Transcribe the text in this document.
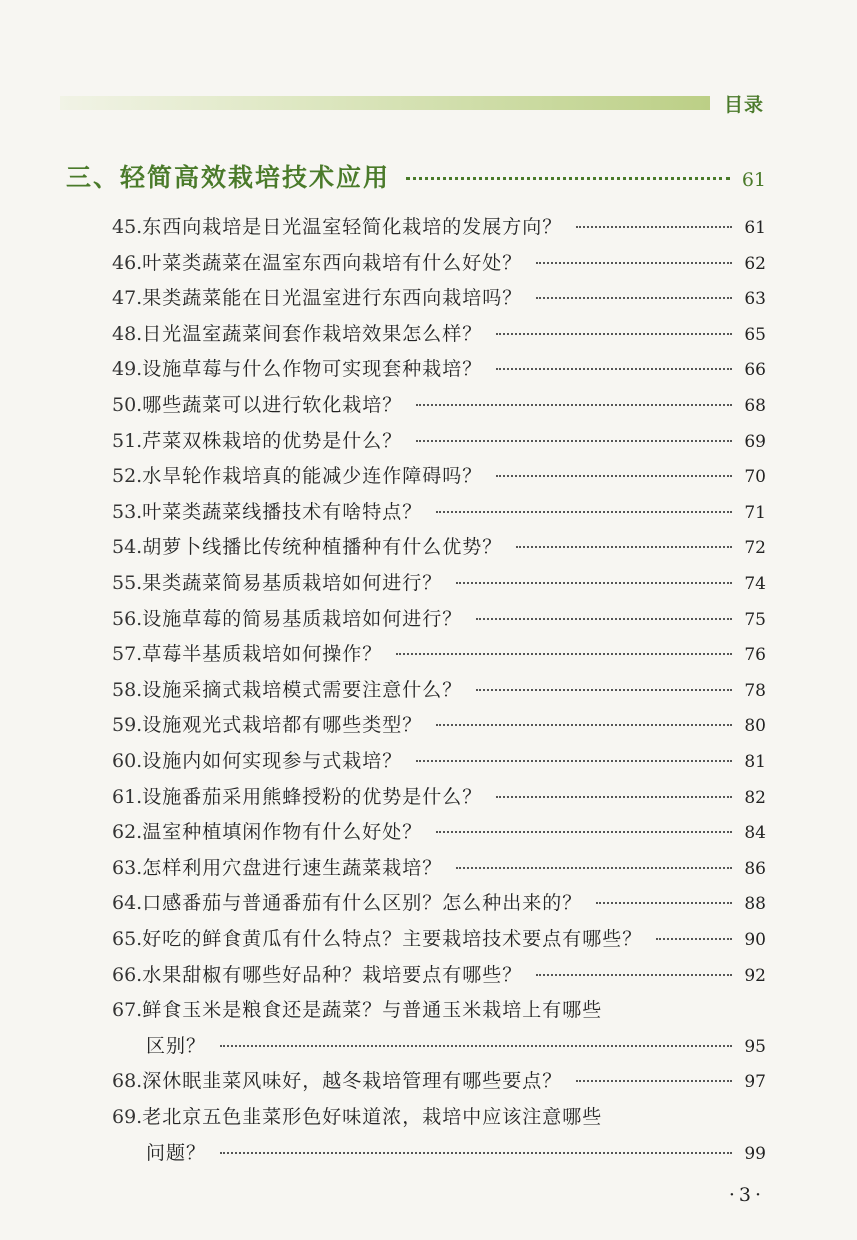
目录
三、轻简高效栽培技术应用	61
45. 东西向栽培是日光温室轻简化栽培的发展方向？	61
46. 叶菜类蔬菜在温室东西向栽培有什么好处？	62
47. 果类蔬菜能在日光温室进行东西向栽培吗？	63
48. 日光温室蔬菜间套作栽培效果怎么样？	65
49. 设施草莓与什么作物可实现套种栽培？	66
50. 哪些蔬菜可以进行软化栽培？	68
51. 芹菜双株栽培的优势是什么？	69
52. 水旱轮作栽培真的能减少连作障碍吗？	70
53. 叶菜类蔬菜线播技术有啥特点？	71
54. 胡萝卜线播比传统种植播种有什么优势？	72
55. 果类蔬菜简易基质栽培如何进行？	74
56. 设施草莓的简易基质栽培如何进行？	75
57. 草莓半基质栽培如何操作？	76
58. 设施采摘式栽培模式需要注意什么？	78
59. 设施观光式栽培都有哪些类型？	80
60. 设施内如何实现参与式栽培？	81
61. 设施番茄采用熊蜂授粉的优势是什么？	82
62. 温室种植填闲作物有什么好处？	84
63. 怎样利用穴盘进行速生蔬菜栽培？	86
64. 口感番茄与普通番茄有什么区别？怎么种出来的？	88
65. 好吃的鲜食黄瓜有什么特点？主要栽培技术要点有哪些？	90
66. 水果甜椒有哪些好品种？栽培要点有哪些？	92
67. 鲜食玉米是粮食还是蔬菜？与普通玉米栽培上有哪些
区别？	95
68. 深休眠韭菜风味好，越冬栽培管理有哪些要点？	97
69. 老北京五色韭菜形色好味道浓，栽培中应该注意哪些
问题？	99
·3·
